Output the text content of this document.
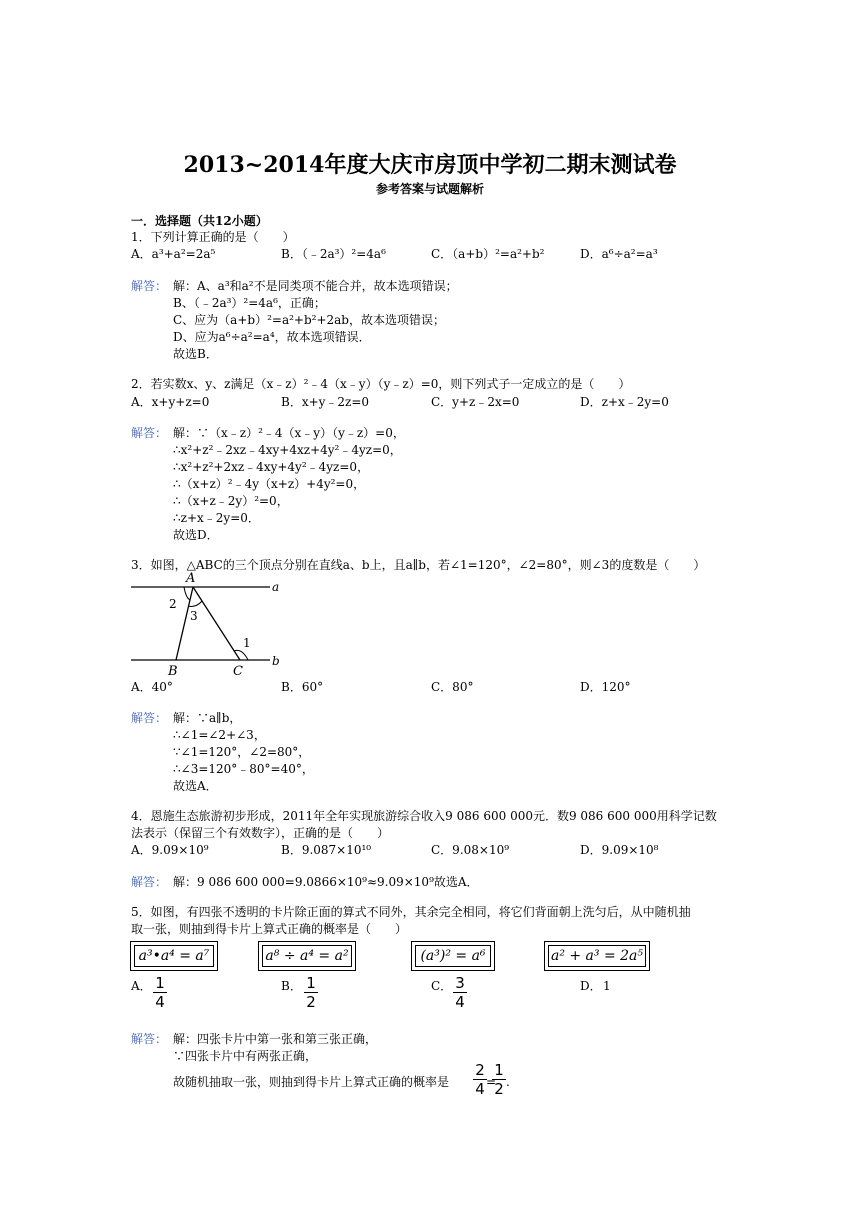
2013~2014年度大庆市房顶中学初二期末测试卷
参考答案与试题解析
一．选择题（共12小题）
1．下列计算正确的是（　　）
A．a³+a²=2a⁵	B．（﹣2a³）²=4a⁶	C．（a+b）²=a²+b²	D．a⁶÷a²=a³
解答： 解：A、a³和a²不是同类项不能合并，故本选项错误；
B、（﹣2a³）²=4a⁶，正确；
C、应为（a+b）²=a²+b²+2ab，故本选项错误；
D、应为a⁶÷a²=a⁴，故本选项错误．
故选B．
2．若实数x、y、z满足（x﹣z）²﹣4（x﹣y）（y﹣z）=0，则下列式子一定成立的是（　　）
A．x+y+z=0	B．x+y﹣2z=0	C．y+z﹣2x=0	D．z+x﹣2y=0
解答： 解：∵（x﹣z）²﹣4（x﹣y）（y﹣z）=0，
∴x²+z²﹣2xz﹣4xy+4xz+4y²﹣4yz=0，
∴x²+z²+2xz﹣4xy+4y²﹣4yz=0，
∴（x+z）²﹣4y（x+z）+4y²=0，
∴（x+z﹣2y）²=0，
∴z+x﹣2y=0．
故选D．
3．如图，△ABC的三个顶点分别在直线a、b上，且a∥b，若∠1=120°，∠2=80°，则∠3的度数是（　　）
A
a
b
B	C
2
3
1
A．40°	B．60°	C．80°	D．120°
解答： 解：∵a∥b，
∴∠1=∠2+∠3，
∵∠1=120°，∠2=80°，
∴∠3=120°﹣80°=40°，
故选A．
4．恩施生态旅游初步形成，2011年全年实现旅游综合收入9 086 600 000元．数9 086 600 000用科学记数
法表示（保留三个有效数字），正确的是（　　）
A．9.09×10⁹	B．9.087×10¹⁰	C．9.08×10⁹	D．9.09×10⁸
解答： 解：9 086 600 000=9.0866×10⁹≈9.09×10⁹故选A．
5．如图，有四张不透明的卡片除正面的算式不同外，其余完全相同，将它们背面朝上洗匀后，从中随机抽
取一张，则抽到得卡片上算式正确的概率是（　　）
a³•a⁴ = a⁷	a⁸ ÷ a⁴ = a²	(a³)² = a⁶	a² + a³ = 2a⁵
A． 1
4
B． 1
2
C． 3
4
D． 1
解答： 解：四张卡片中第一张和第三张正确，
∵四张卡片中有两张正确，
故随机抽取一张，则抽到得卡片上算式正确的概率是
2
4 =
1
2 .
